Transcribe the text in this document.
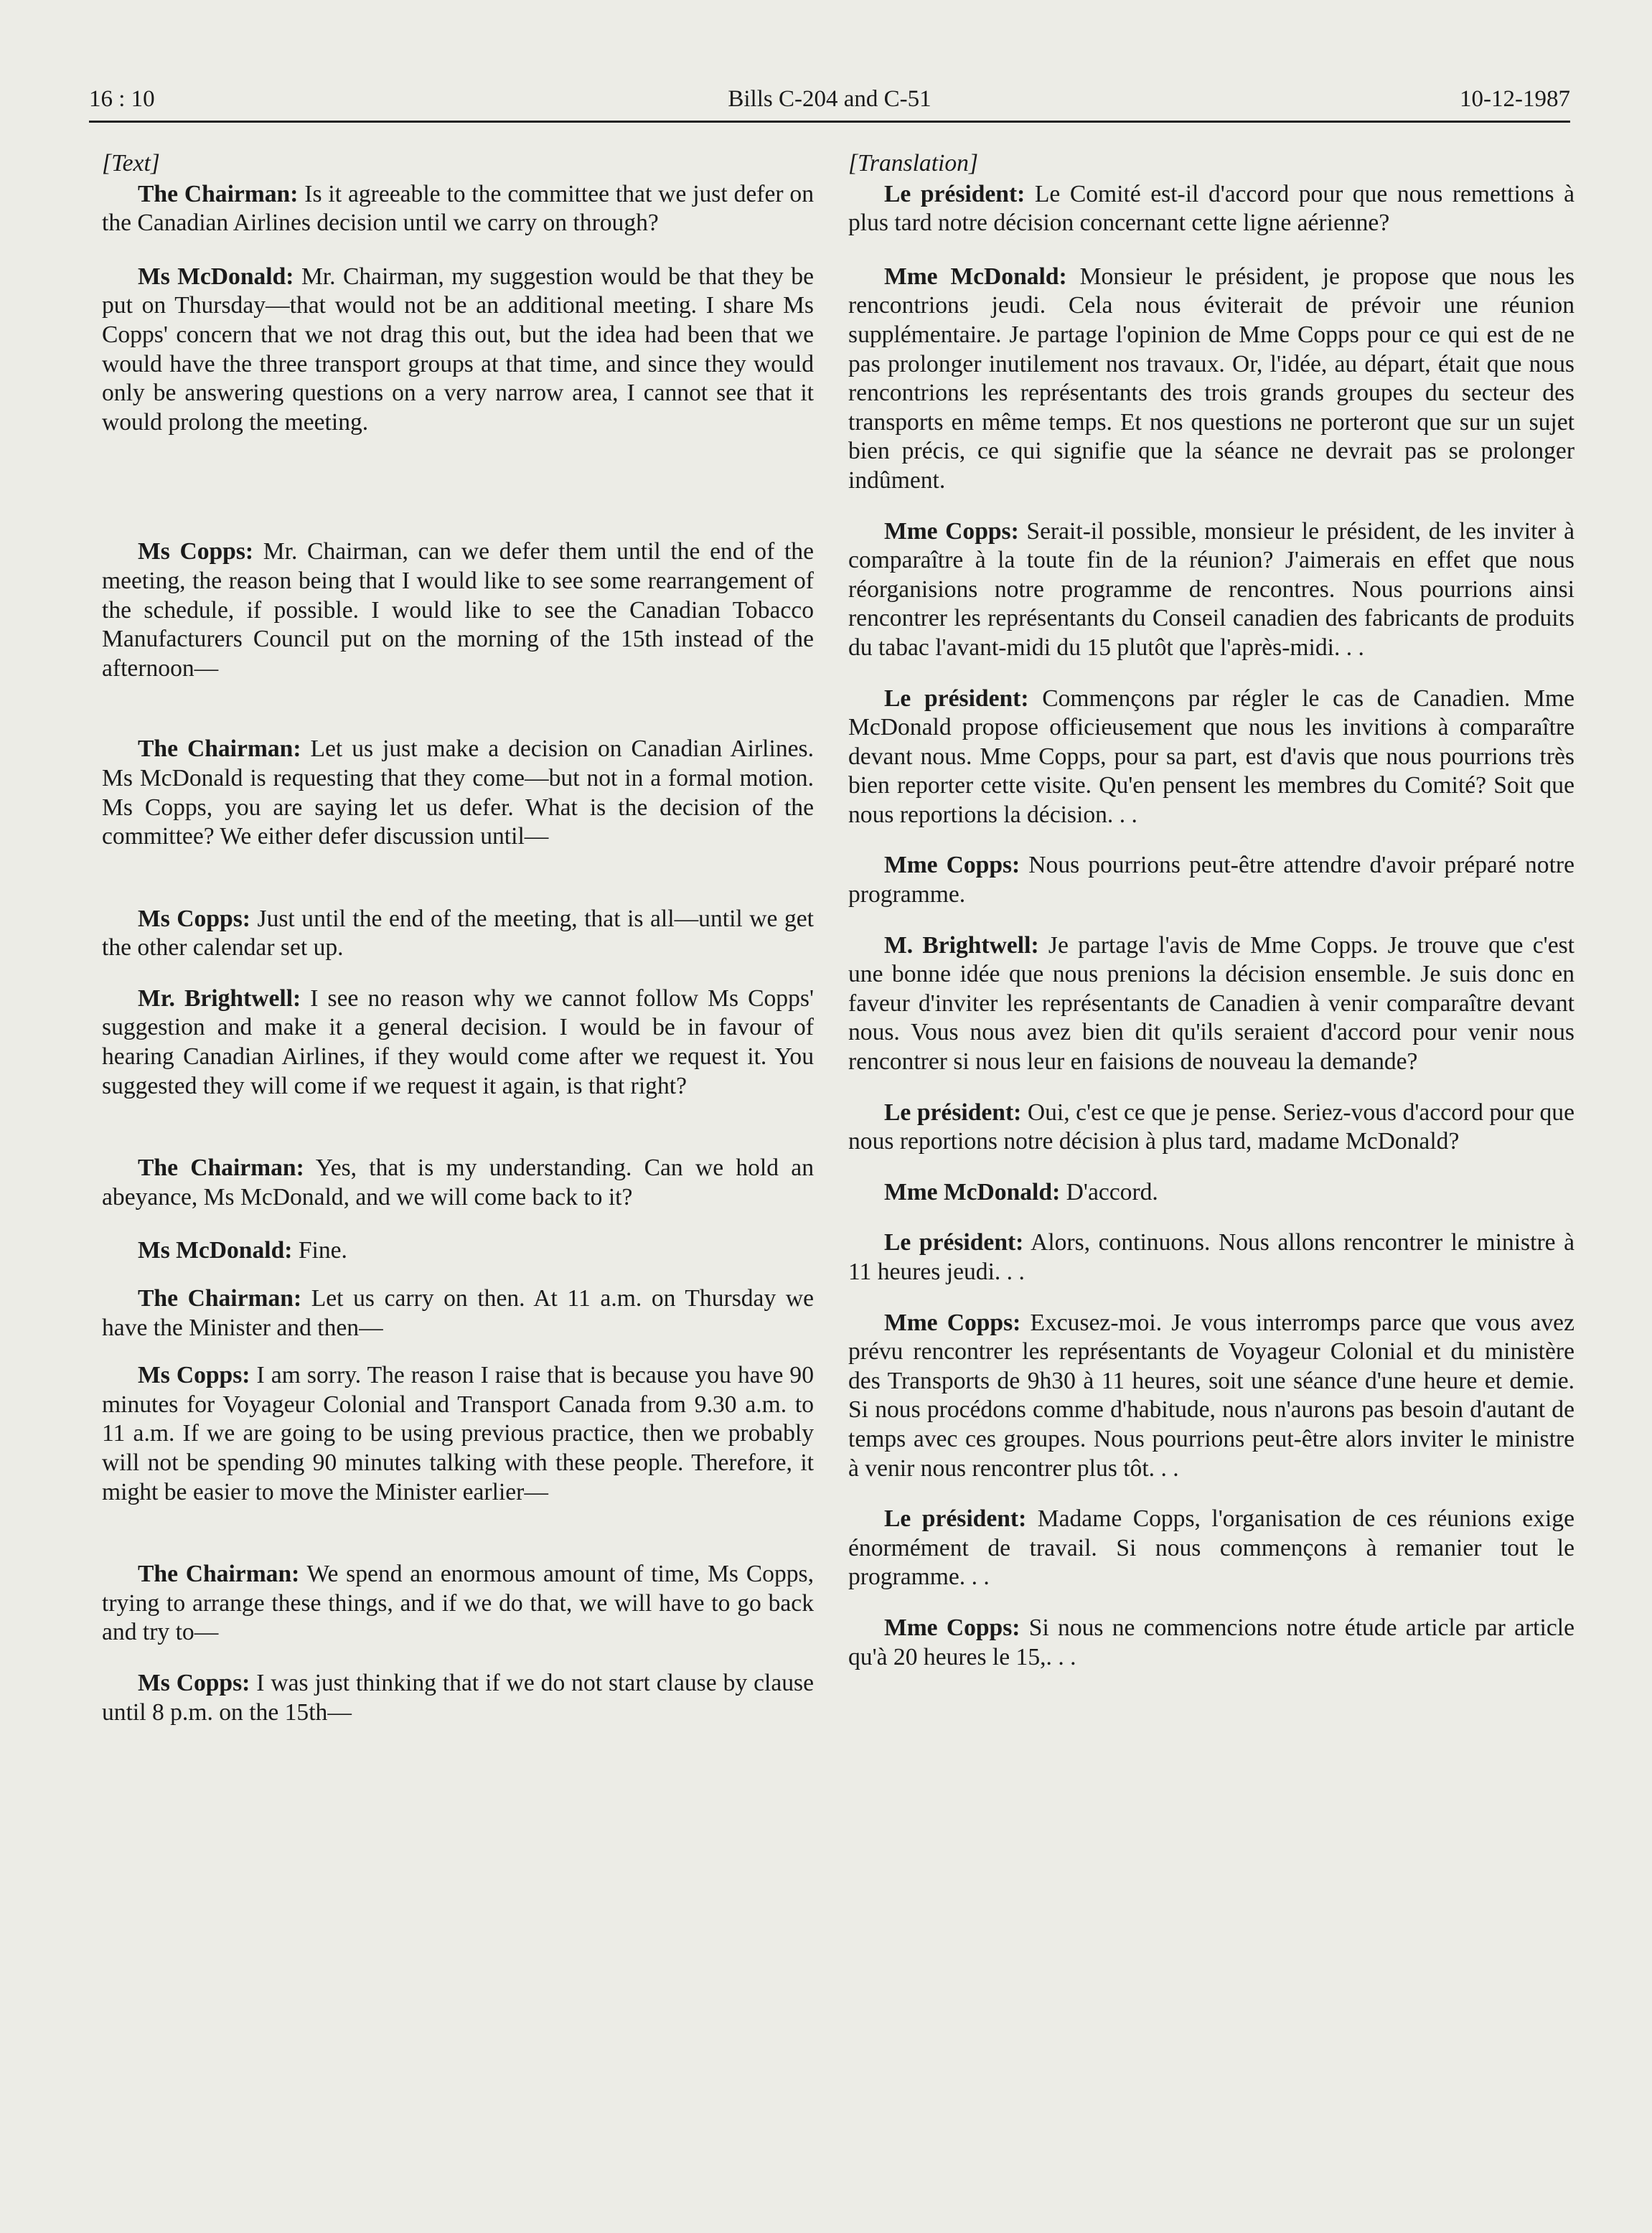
16 : 10	Bills C-204 and C-51	10-12-1987
[Text]

The Chairman: Is it agreeable to the committee that we just defer on the Canadian Airlines decision until we carry on through?

Ms McDonald: Mr. Chairman, my suggestion would be that they be put on Thursday—that would not be an additional meeting. I share Ms Copps' concern that we not drag this out, but the idea had been that we would have the three transport groups at that time, and since they would only be answering questions on a very narrow area, I cannot see that it would prolong the meeting.

Ms Copps: Mr. Chairman, can we defer them until the end of the meeting, the reason being that I would like to see some rearrangement of the schedule, if possible. I would like to see the Canadian Tobacco Manufacturers Council put on the morning of the 15th instead of the afternoon—

The Chairman: Let us just make a decision on Canadian Airlines. Ms McDonald is requesting that they come—but not in a formal motion. Ms Copps, you are saying let us defer. What is the decision of the committee? We either defer discussion until—

Ms Copps: Just until the end of the meeting, that is all—until we get the other calendar set up.

Mr. Brightwell: I see no reason why we cannot follow Ms Copps' suggestion and make it a general decision. I would be in favour of hearing Canadian Airlines, if they would come after we request it. You suggested they will come if we request it again, is that right?

The Chairman: Yes, that is my understanding. Can we hold an abeyance, Ms McDonald, and we will come back to it?

Ms McDonald: Fine.

The Chairman: Let us carry on then. At 11 a.m. on Thursday we have the Minister and then—

Ms Copps: I am sorry. The reason I raise that is because you have 90 minutes for Voyageur Colonial and Transport Canada from 9.30 a.m. to 11 a.m. If we are going to be using previous practice, then we probably will not be spending 90 minutes talking with these people. Therefore, it might be easier to move the Minister earlier—

The Chairman: We spend an enormous amount of time, Ms Copps, trying to arrange these things, and if we do that, we will have to go back and try to—

Ms Copps: I was just thinking that if we do not start clause by clause until 8 p.m. on the 15th—

[Translation]

Le président: Le Comité est-il d'accord pour que nous remettions à plus tard notre décision concernant cette ligne aérienne?

Mme McDonald: Monsieur le président, je propose que nous les rencontrions jeudi. Cela nous éviterait de prévoir une réunion supplémentaire. Je partage l'opinion de Mme Copps pour ce qui est de ne pas prolonger inutilement nos travaux. Or, l'idée, au départ, était que nous rencontrions les représentants des trois grands groupes du secteur des transports en même temps. Et nos questions ne porteront que sur un sujet bien précis, ce qui signifie que la séance ne devrait pas se prolonger indûment.

Mme Copps: Serait-il possible, monsieur le président, de les inviter à comparaître à la toute fin de la réunion? J'aimerais en effet que nous réorganisions notre programme de rencontres. Nous pourrions ainsi rencontrer les représentants du Conseil canadien des fabricants de produits du tabac l'avant-midi du 15 plutôt que l'après-midi. . .

Le président: Commençons par régler le cas de Canadien. Mme McDonald propose officieusement que nous les invitions à comparaître devant nous. Mme Copps, pour sa part, est d'avis que nous pourrions très bien reporter cette visite. Qu'en pensent les membres du Comité? Soit que nous reportions la décision. . .

Mme Copps: Nous pourrions peut-être attendre d'avoir préparé notre programme.

M. Brightwell: Je partage l'avis de Mme Copps. Je trouve que c'est une bonne idée que nous prenions la décision ensemble. Je suis donc en faveur d'inviter les représentants de Canadien à venir comparaître devant nous. Vous nous avez bien dit qu'ils seraient d'accord pour venir nous rencontrer si nous leur en faisions de nouveau la demande?

Le président: Oui, c'est ce que je pense. Seriez-vous d'accord pour que nous reportions notre décision à plus tard, madame McDonald?

Mme McDonald: D'accord.

Le président: Alors, continuons. Nous allons rencontrer le ministre à 11 heures jeudi. . .

Mme Copps: Excusez-moi. Je vous interromps parce que vous avez prévu rencontrer les représentants de Voyageur Colonial et du ministère des Transports de 9h30 à 11 heures, soit une séance d'une heure et demie. Si nous procédons comme d'habitude, nous n'aurons pas besoin d'autant de temps avec ces groupes. Nous pourrions peut-être alors inviter le ministre à venir nous rencontrer plus tôt. . .

Le président: Madame Copps, l'organisation de ces réunions exige énormément de travail. Si nous commençons à remanier tout le programme. . .

Mme Copps: Si nous ne commencions notre étude article par article qu'à 20 heures le 15,. . .
